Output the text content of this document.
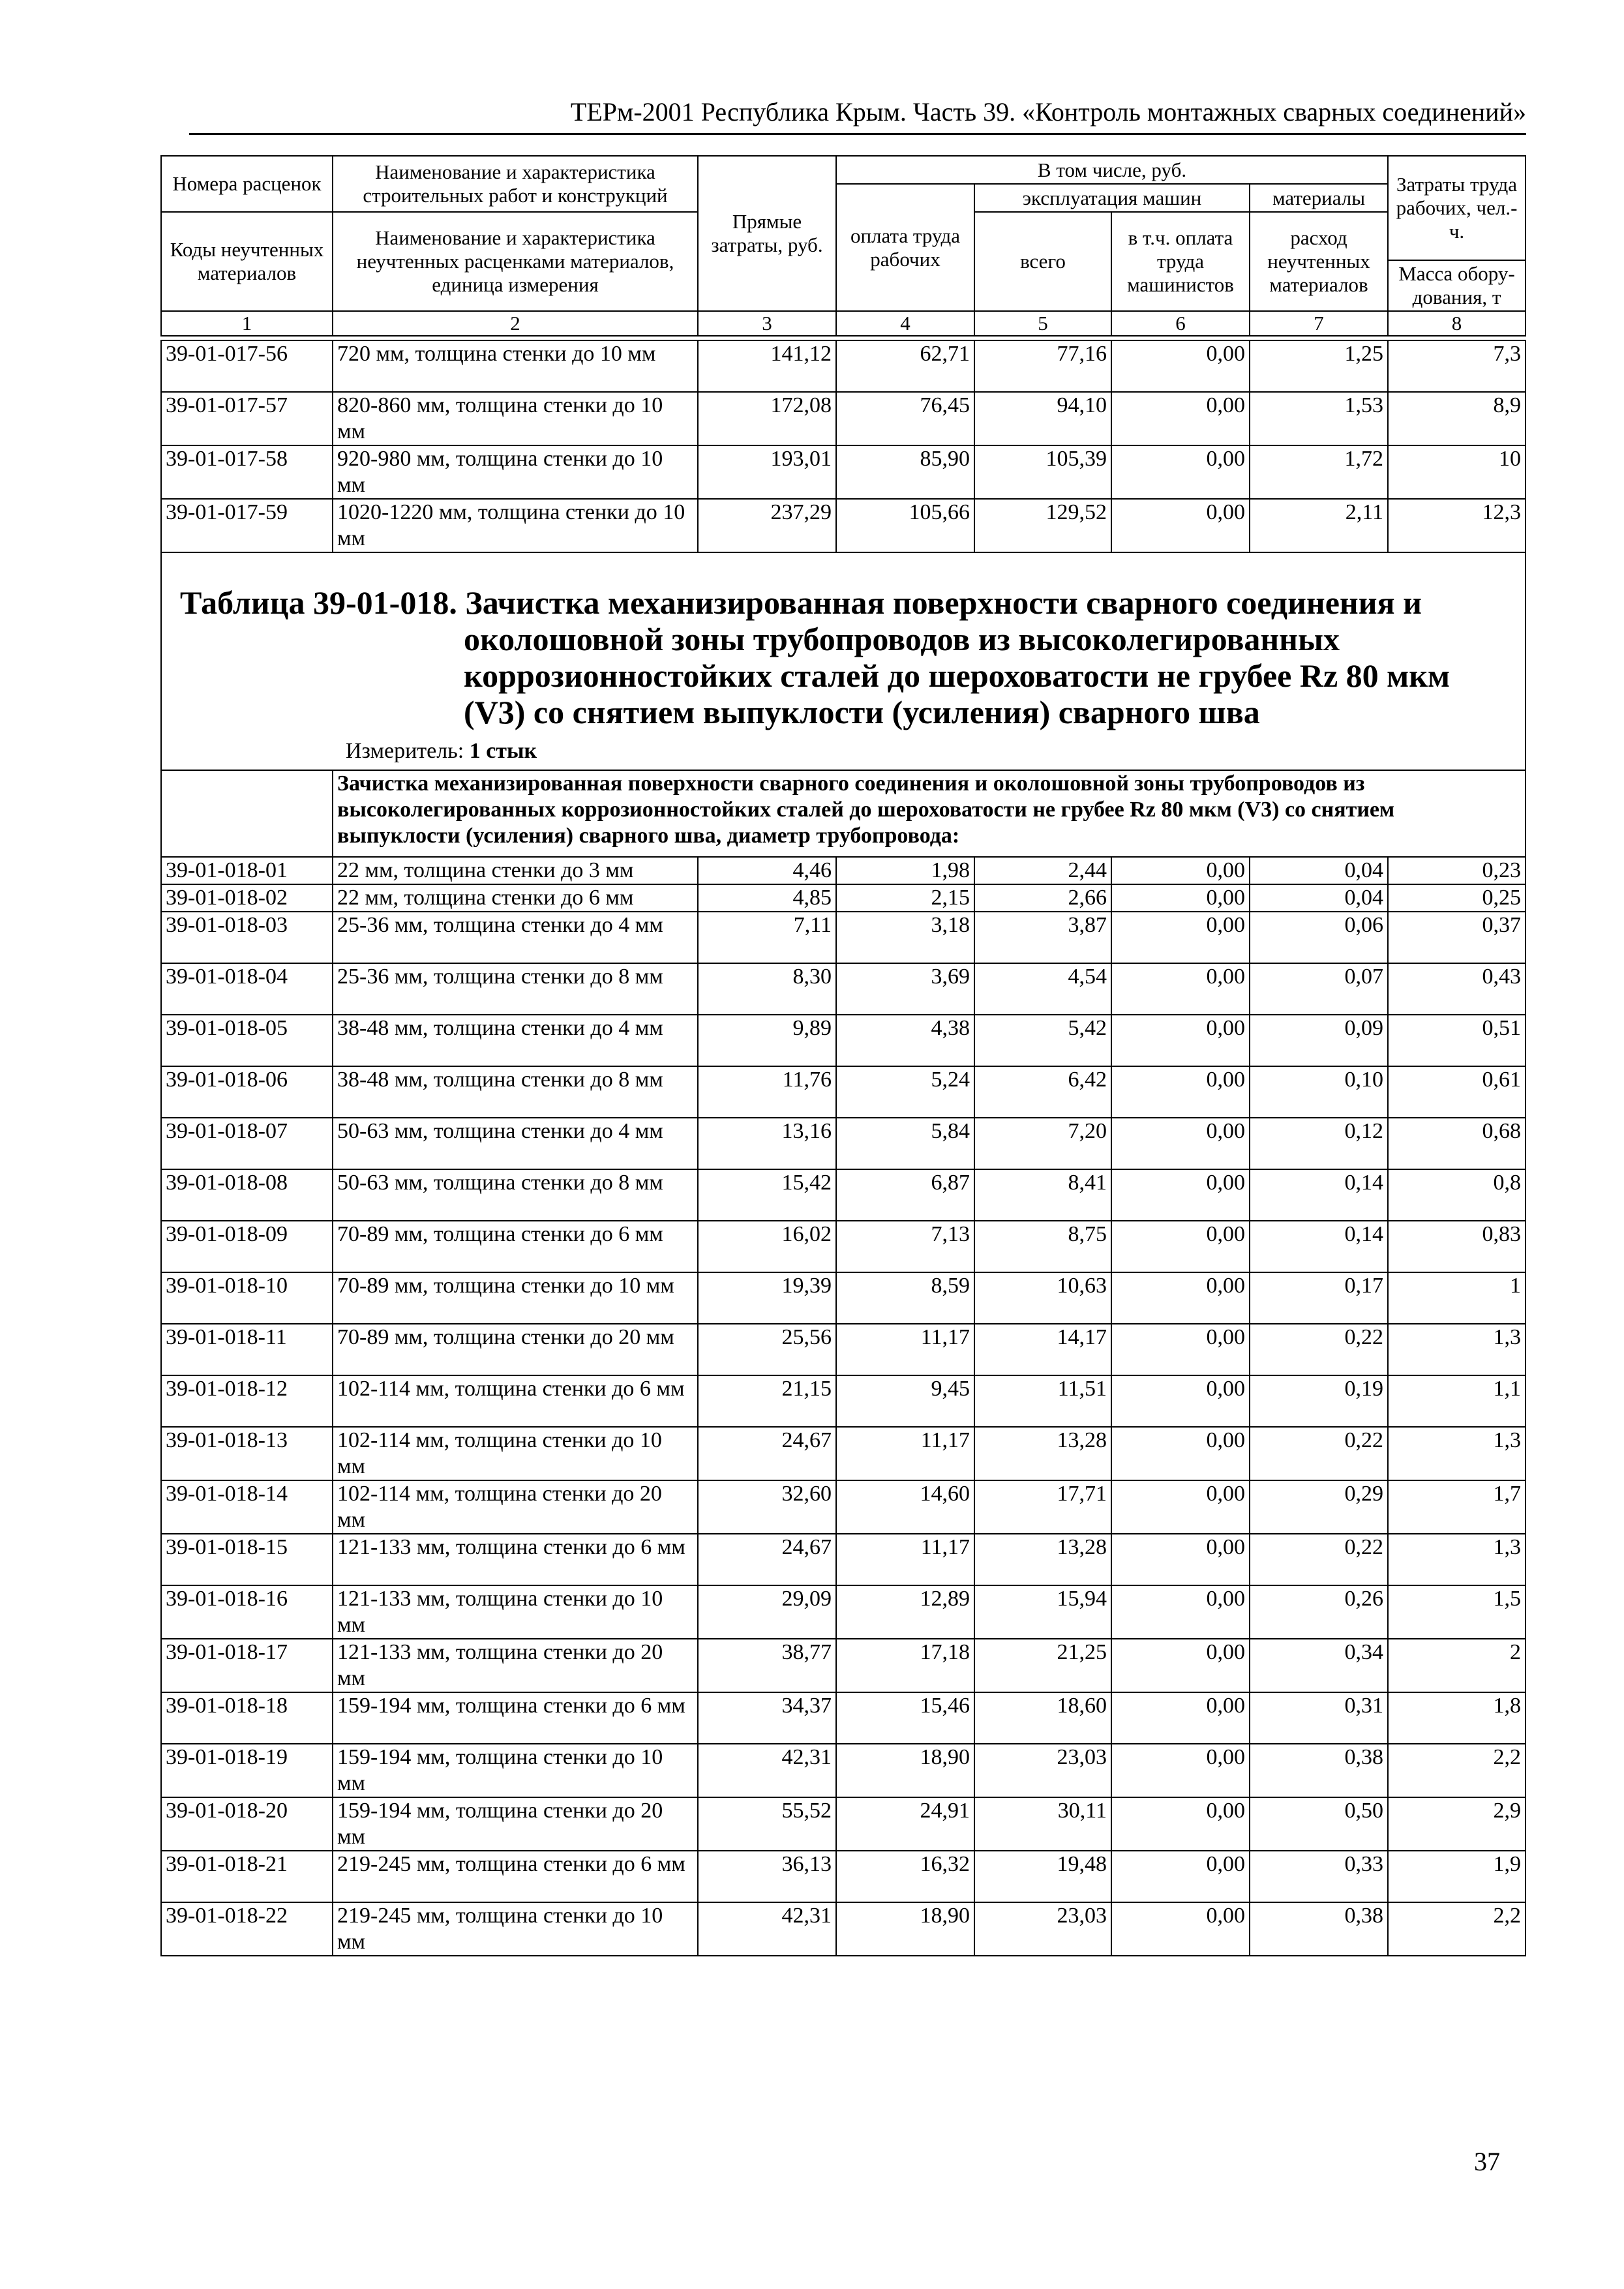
ТЕРм-2001 Республика Крым. Часть 39. «Контроль монтажных сварных соединений»
Номера расценок	Наименование и характеристика строительных работ и конструкций	Прямые затраты, руб.	В том числе, руб.				Затраты труда рабочих, чел.-ч.
			оплата труда рабочих	эксплуатация машин		материалы	
Коды неучтенных материалов	Наименование и характеристика неучтенных расценками материалов, единица измерения			всего	в т.ч. оплата труда машинистов	расход неучтенных материалов	
							Масса обору-дования, т
1	2	3	4	5	6	7	8
39-01-017-56	720 мм, толщина стенки до 10 мм	141,12	62,71	77,16	0,00	1,25	7,3
39-01-017-57	820-860 мм, толщина стенки до 10 мм	172,08	76,45	94,10	0,00	1,53	8,9
39-01-017-58	920-980 мм, толщина стенки до 10 мм	193,01	85,90	105,39	0,00	1,72	10
39-01-017-59	1020-1220 мм, толщина стенки до 10 мм	237,29	105,66	129,52	0,00	2,11	12,3

Таблица 39-01-018. Зачистка механизированная поверхности сварного соединения и
околошовной зоны трубопроводов из высоколегированных
коррозионностойких сталей до шероховатости не грубее Rz 80 мкм
(V3) со снятием выпуклости (усиления) сварного шва
Измеритель: 1 стык							

	Зачистка механизированная поверхности сварного соединения и околошовной зоны трубопроводов из высоколегированных коррозионностойких сталей до шероховатости не грубее Rz 80 мкм (V3) со снятием выпуклости (усиления) сварного шва, диаметр трубопровода:						
39-01-018-01	22 мм, толщина стенки до 3 мм	4,46	1,98	2,44	0,00	0,04	0,23
39-01-018-02	22 мм, толщина стенки до 6 мм	4,85	2,15	2,66	0,00	0,04	0,25
39-01-018-03	25-36 мм, толщина стенки до 4 мм	7,11	3,18	3,87	0,00	0,06	0,37
39-01-018-04	25-36 мм, толщина стенки до 8 мм	8,30	3,69	4,54	0,00	0,07	0,43
39-01-018-05	38-48 мм, толщина стенки до 4 мм	9,89	4,38	5,42	0,00	0,09	0,51
39-01-018-06	38-48 мм, толщина стенки до 8 мм	11,76	5,24	6,42	0,00	0,10	0,61
39-01-018-07	50-63 мм, толщина стенки до 4 мм	13,16	5,84	7,20	0,00	0,12	0,68
39-01-018-08	50-63 мм, толщина стенки до 8 мм	15,42	6,87	8,41	0,00	0,14	0,8
39-01-018-09	70-89 мм, толщина стенки до 6 мм	16,02	7,13	8,75	0,00	0,14	0,83
39-01-018-10	70-89 мм, толщина стенки до 10 мм	19,39	8,59	10,63	0,00	0,17	1
39-01-018-11	70-89 мм, толщина стенки до 20 мм	25,56	11,17	14,17	0,00	0,22	1,3
39-01-018-12	102-114 мм, толщина стенки до 6 мм	21,15	9,45	11,51	0,00	0,19	1,1
39-01-018-13	102-114 мм, толщина стенки до 10 мм	24,67	11,17	13,28	0,00	0,22	1,3
39-01-018-14	102-114 мм, толщина стенки до 20 мм	32,60	14,60	17,71	0,00	0,29	1,7
39-01-018-15	121-133 мм, толщина стенки до 6 мм	24,67	11,17	13,28	0,00	0,22	1,3
39-01-018-16	121-133 мм, толщина стенки до 10 мм	29,09	12,89	15,94	0,00	0,26	1,5
39-01-018-17	121-133 мм, толщина стенки до 20 мм	38,77	17,18	21,25	0,00	0,34	2
39-01-018-18	159-194 мм, толщина стенки до 6 мм	34,37	15,46	18,60	0,00	0,31	1,8
39-01-018-19	159-194 мм, толщина стенки до 10 мм	42,31	18,90	23,03	0,00	0,38	2,2
39-01-018-20	159-194 мм, толщина стенки до 20 мм	55,52	24,91	30,11	0,00	0,50	2,9
39-01-018-21	219-245 мм, толщина стенки до 6 мм	36,13	16,32	19,48	0,00	0,33	1,9
39-01-018-22	219-245 мм, толщина стенки до 10 мм	42,31	18,90	23,03	0,00	0,38	2,2
37
